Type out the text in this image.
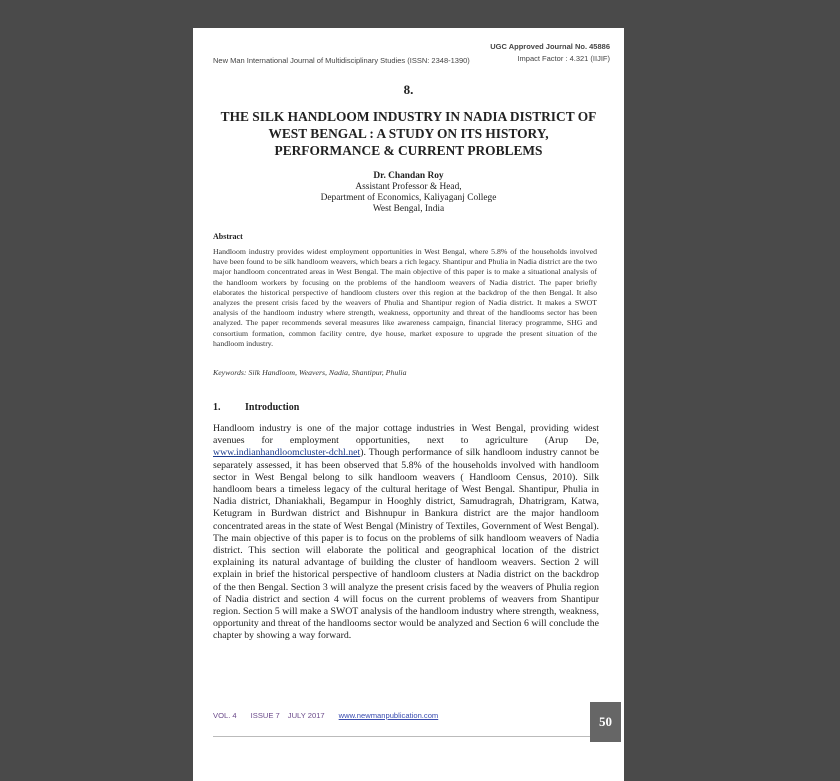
UGC Approved Journal No. 45886
New Man International Journal of Multidisciplinary Studies (ISSN: 2348-1390)	Impact Factor : 4.321 (IIJIF)
8.
THE SILK HANDLOOM INDUSTRY IN NADIA DISTRICT OF
WEST BENGAL : A STUDY ON ITS HISTORY,
PERFORMANCE & CURRENT PROBLEMS
Dr. Chandan Roy
Assistant Professor & Head,
Department of Economics, Kaliyaganj College
West Bengal, India
Abstract
Handloom industry provides widest employment opportunities in West Bengal, where 5.8% of the households involved have been found to be silk handloom weavers, which bears a rich legacy. Shantipur and Phulia in Nadia district are the two major handloom concentrated areas in West Bengal. The main objective of this paper is to make a situational analysis of the handloom workers by focusing on the problems of the handloom weavers of Nadia district. The paper briefly elaborates the historical perspective of handloom clusters over this region at the backdrop of the then Bengal. It also analyzes the present crisis faced by the weavers of Phulia and Shantipur region of Nadia district. It makes a SWOT analysis of the handloom industry where strength, weakness, opportunity and threat of the handlooms sector has been analyzed. The paper recommends several measures like awareness campaign, financial literacy programme, SHG and consortium formation, common facility centre, dye house, market exposure to upgrade the present situation of the handloom industry.
Keywords: Silk Handloom, Weavers, Nadia, Shantipur, Phulia
1. Introduction
Handloom industry is one of the major cottage industries in West Bengal, providing widest avenues for employment opportunities, next to agriculture (Arup De, www.indianhandloomcluster-dchl.net). Though performance of silk handloom industry cannot be separately assessed, it has been observed that 5.8% of the households involved with handloom sector in West Bengal belong to silk handloom weavers ( Handloom Census, 2010). Silk handloom bears a timeless legacy of the cultural heritage of West Bengal. Shantipur, Phulia in Nadia district, Dhaniakhali, Begampur in Hooghly district, Samudragrah, Dhatrigram, Katwa, Ketugram in Burdwan district and Bishnupur in Bankura district are the major handloom concentrated areas in the state of West Bengal (Ministry of Textiles, Government of West Bengal). The main objective of this paper is to focus on the problems of silk handloom weavers of Nadia district. This section will elaborate the political and geographical location of the district explaining its natural advantage of building the cluster of handloom weavers. Section 2 will explain in brief the historical perspective of handloom clusters at Nadia district on the backdrop of the then Bengal. Section 3 will analyze the present crisis faced by the weavers of Phulia region of Nadia district and section 4 will focus on the current problems of weavers from Shantipur region. Section 5 will make a SWOT analysis of the handloom industry where strength, weakness, opportunity and threat of the handlooms sector would be analyzed and Section 6 will conclude the chapter by showing a way forward.
VOL. 4 ISSUE 7 JULY 2017 www.newmanpublication.com	50
